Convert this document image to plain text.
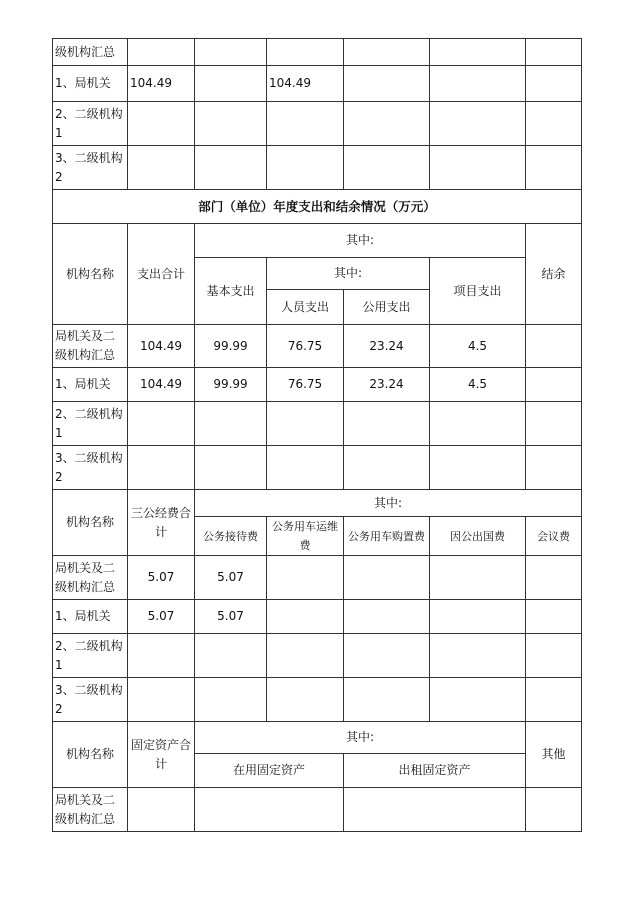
级机构汇总						
1、局机关	104.49		104.49			
2、二级机构1						
3、二级机构2						
部门（单位）年度支出和结余情况（万元）						
机构名称	支出合计	其中:				结余
		基本支出	其中:		项目支出	
			人员支出	公用支出		
局机关及二级机构汇总	104.49	99.99	76.75	23.24	4.5	
1、局机关	104.49	99.99	76.75	23.24	4.5	
2、二级机构1						
3、二级机构2						
机构名称	三公经费合计	其中:				
		公务接待费	公务用车运维费	公务用车购置费	因公出国费	会议费
局机关及二级机构汇总	5.07	5.07				
1、局机关	5.07	5.07				
2、二级机构1						
3、二级机构2						
机构名称	固定资产合计	其中:				其他
		在用固定资产		出租固定资产		
局机关及二级机构汇总						
